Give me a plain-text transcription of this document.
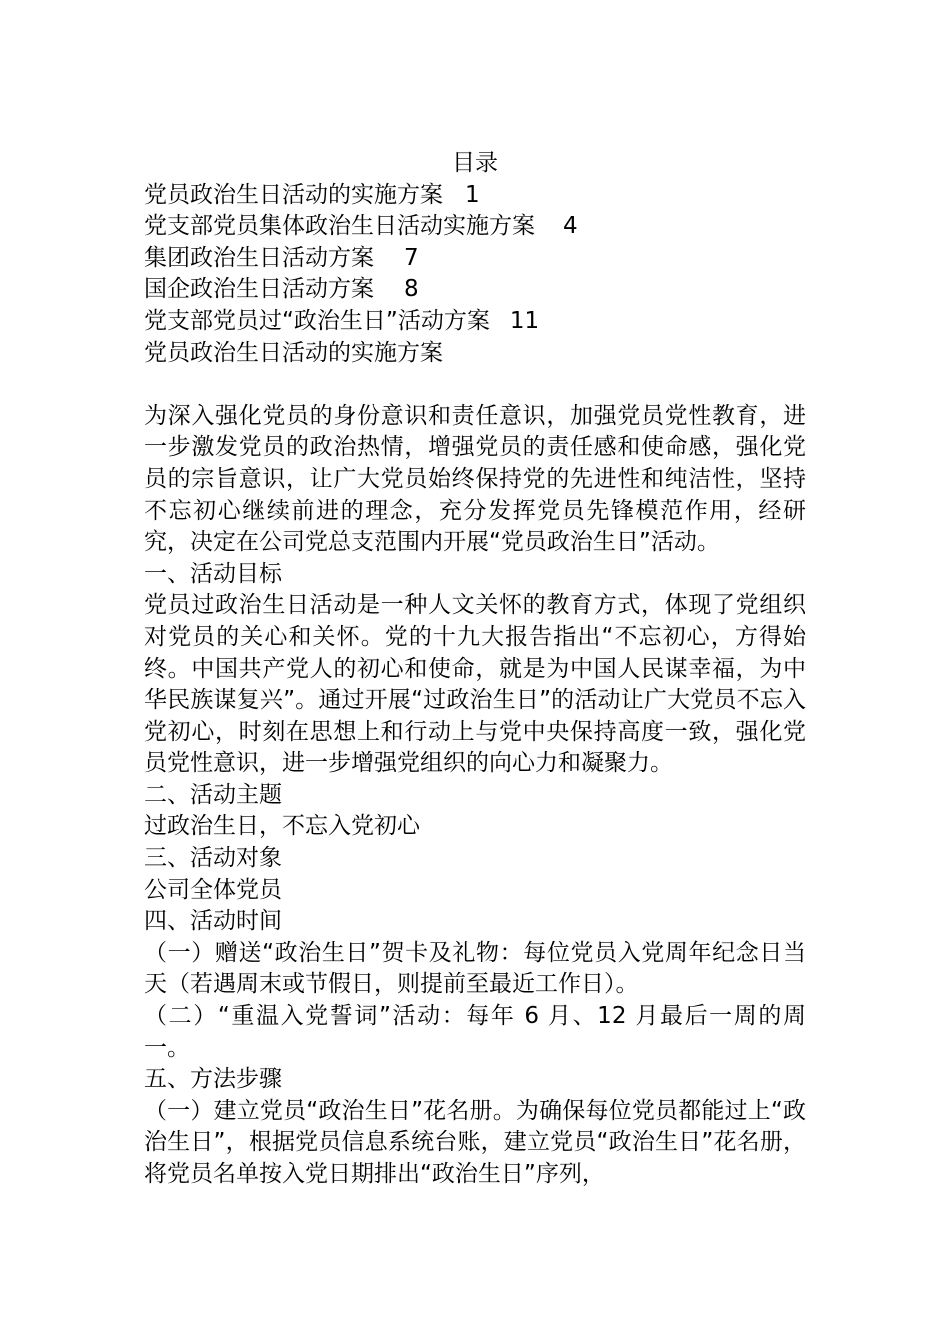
目录

党员政治生日活动的实施方案 1

党支部党员集体政治生日活动实施方案 4

集团政治生日活动方案 7

国企政治生日活动方案 8

党支部党员过“政治生日”活动方案 11

党员政治生日活动的实施方案

为深入强化党员的身份意识和责任意识，加强党员党性教育，进一步激发党员的政治热情，增强党员的责任感和使命感，强化党员的宗旨意识，让广大党员始终保持党的先进性和纯洁性，坚持不忘初心继续前进的理念，充分发挥党员先锋模范作用，经研究，决定在公司党总支范围内开展“党员政治生日”活动。

一、活动目标

党员过政治生日活动是一种人文关怀的教育方式，体现了党组织对党员的关心和关怀。党的十九大报告指出“不忘初心，方得始终。中国共产党人的初心和使命，就是为中国人民谋幸福，为中华民族谋复兴”。通过开展“过政治生日”的活动让广大党员不忘入党初心，时刻在思想上和行动上与党中央保持高度一致，强化党员党性意识，进一步增强党组织的向心力和凝聚力。

二、活动主题

过政治生日，不忘入党初心

三、活动对象

公司全体党员

四、活动时间

（一）赠送“政治生日”贺卡及礼物：每位党员入党周年纪念日当天（若遇周末或节假日，则提前至最近工作日）。

（二）“重温入党誓词”活动：每年 6 月、12 月最后一周的周一。

五、方法步骤

（一）建立党员“政治生日”花名册。为确保每位党员都能过上“政治生日”，根据党员信息系统台账，建立党员“政治生日”花名册，将党员名单按入党日期排出“政治生日”序列，
